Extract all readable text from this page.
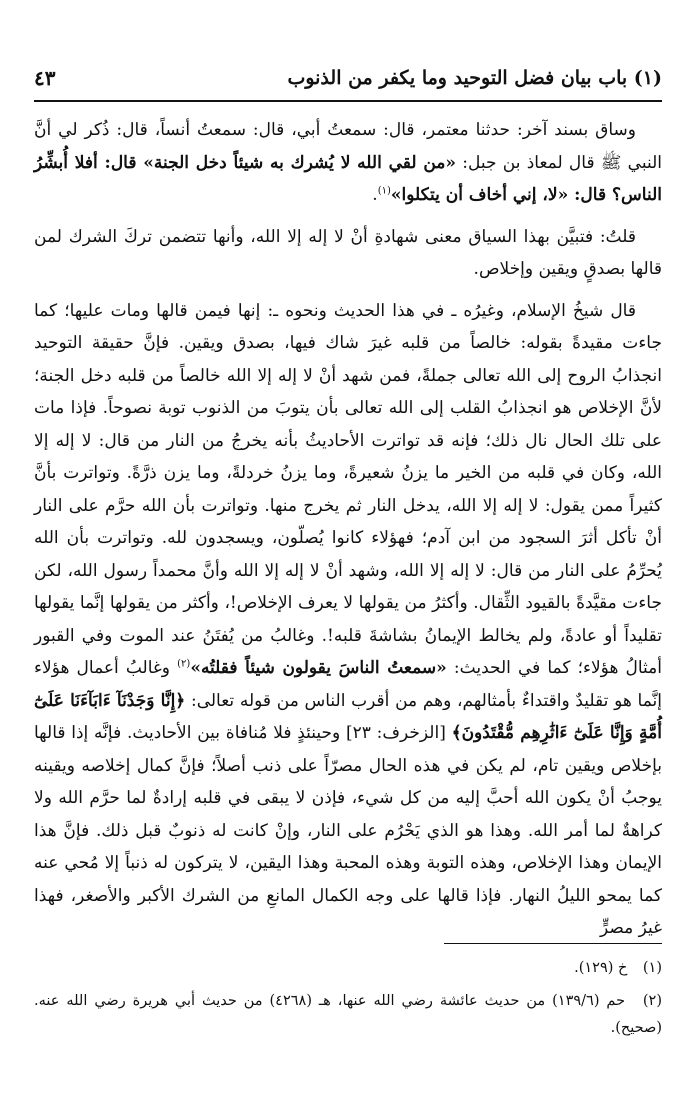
(١) باب بيان فضل التوحيد وما يكفر من الذنوب
٤٣

وساق بسند آخر: حدثنا معتمر، قال: سمعتُ أبي، قال: سمعتُ أنساً، قال: ذُكر لي أنَّ النبي ﷺ قال لمعاذ بن جبل: «من لقي الله لا يُشرك به شيئاً دخل الجنة» قال: أفلا أُبشِّرُ الناس؟ قال: «لا، إني أخاف أن يتكلوا»$^{(١)}$.

قلتُ: فتبيَّن بهذا السياق معنى شهادةِ أنْ لا إله إلا الله، وأنها تتضمن تركَ الشرك لمن قالها بصدقٍ ويقين وإخلاص.

قال شيخُ الإسلام، وغيرُه ـ في هذا الحديث ونحوه ـ: إنها فيمن قالها ومات عليها؛ كما جاءت مقيدةً بقوله: خالصاً من قلبه غيرَ شاك فيها، بصدق ويقين. فإنَّ حقيقة التوحيد انجذابُ الروح إلى الله تعالى جملةً، فمن شهد أنْ لا إله إلا الله خالصاً من قلبه دخل الجنة؛ لأنَّ الإخلاص هو انجذابُ القلب إلى الله تعالى بأن يتوبَ من الذنوب توبة نصوحاً. فإذا مات على تلك الحال نال ذلك؛ فإنه قد تواترت الأحاديثُ بأنه يخرجُ من النار من قال: لا إله إلا الله، وكان في قلبه من الخير ما يزنُ شعيرةً، وما يزنُ خردلةً، وما يزن ذرَّةً. وتواترت بأنَّ كثيراً ممن يقول: لا إله إلا الله، يدخل النار ثم يخرج منها. وتواترت بأن الله حرَّم على النار أنْ تأكل أثرَ السجود من ابن آدم؛ فهؤلاء كانوا يُصلّون، ويسجدون لله. وتواترت بأن الله يُحرِّمُ على النار من قال: لا إله إلا الله، وشهد أنْ لا إله إلا الله وأنَّ محمداً رسول الله، لكن جاءت مقيَّدةً بالقيود الثِّقال. وأكثرُ من يقولها لا يعرف الإخلاص!، وأكثر من يقولها إنَّما يقولها تقليداً أو عادةً، ولم يخالط الإيمانُ بشاشةَ قلبه!. وغالبُ من يُفتَنُ عند الموت وفي القبور أمثالُ هؤلاء؛ كما في الحديث: «سمعتُ الناسَ يقولون شيئاً فقلتُه»$^{(٢)}$ وغالبُ أعمال هؤلاء إنَّما هو تقليدٌ واقتداءٌ بأمثالهم، وهم من أقرب الناس من قوله تعالى: ﴿إِنَّا وَجَدْنَآ ءَابَآءَنَا عَلَىٰٓ أُمَّةٍ وَإِنَّا عَلَىٰٓ ءَاثَٰرِهِم مُّقْتَدُونَ﴾ [الزخرف: ٢٣] وحينئذٍ فلا مُنافاة بين الأحاديث. فإنَّه إذا قالها بإخلاص ويقين تام، لم يكن في هذه الحال مصرّاً على ذنب أصلاً؛ فإنَّ كمال إخلاصه ويقينه يوجبُ أنْ يكون الله أحبَّ إليه من كل شيء، فإذن لا يبقى في قلبه إرادةٌ لما حرَّم الله ولا كراهةٌ لما أمر الله. وهذا هو الذي يَحْرُم على النار، وإنْ كانت له ذنوبٌ قبل ذلك. فإنَّ هذا الإيمان وهذا الإخلاص، وهذه التوبة وهذه المحبة وهذا اليقين، لا يتركون له ذنباً إلا مُحي عنه كما يمحو الليلُ النهار. فإذا قالها على وجه الكمال المانعِ من الشرك الأكبر والأصغر، فهذا غيرُ مصرٍّ

(١) خ (١٢٩).
(٢) حم (١٣٩/٦) من حديث عائشة رضي الله عنها، هـ (٤٢٦٨) من حديث أبي هريرة رضي الله عنه. (صحيح).
